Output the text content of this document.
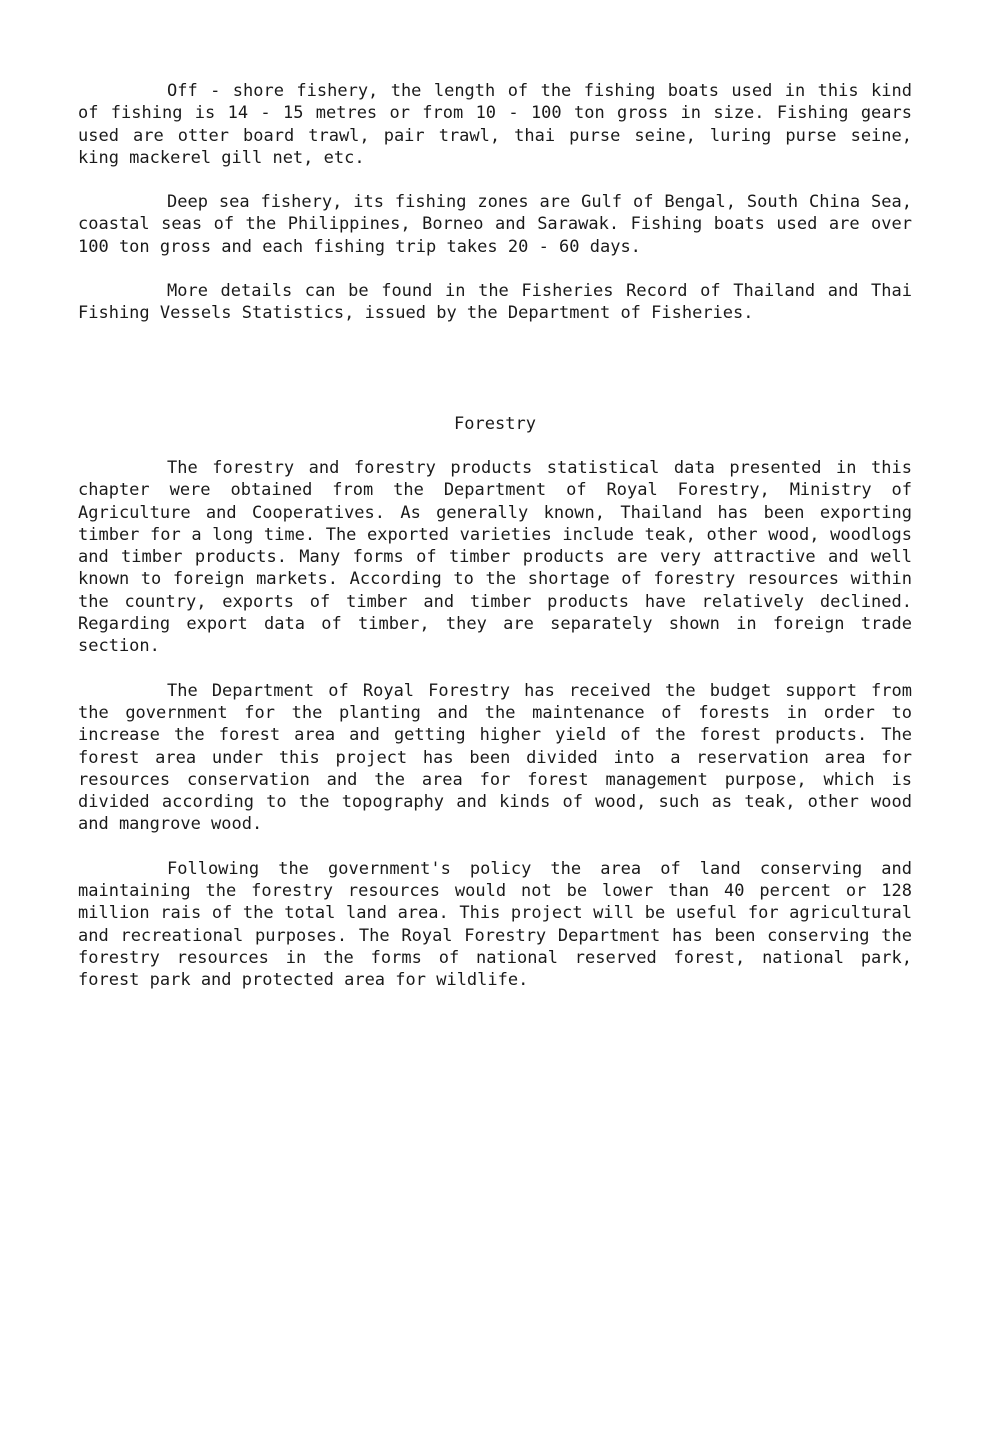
Off - shore fishery, the length of the fishing boats used in this kind of fishing is 14 - 15 metres or from 10 - 100 ton gross in size. Fishing gears used are otter board trawl, pair trawl, thai purse seine, luring purse seine, king mackerel gill net, etc.

Deep sea fishery, its fishing zones are Gulf of Bengal, South China Sea, coastal seas of the Philippines, Borneo and Sarawak. Fishing boats used are over 100 ton gross and each fishing trip takes 20 - 60 days.

More details can be found in the Fisheries Record of Thailand and Thai Fishing Vessels Statistics, issued by the Department of Fisheries.

Forestry

The forestry and forestry products statistical data presented in this chapter were obtained from the Department of Royal Forestry, Ministry of Agriculture and Cooperatives. As generally known, Thailand has been exporting timber for a long time. The exported varieties include teak, other wood, woodlogs and timber products. Many forms of timber products are very attractive and well known to foreign markets. According to the shortage of forestry resources within the country, exports of timber and timber products have relatively declined. Regarding export data of timber, they are separately shown in foreign trade section.

The Department of Royal Forestry has received the budget support from the government for the planting and the maintenance of forests in order to increase the forest area and getting higher yield of the forest products. The forest area under this project has been divided into a reservation area for resources conservation and the area for forest management purpose, which is divided according to the topography and kinds of wood, such as teak, other wood and mangrove wood.

Following the government's policy the area of land conserving and maintaining the forestry resources would not be lower than 40 percent or 128 million rais of the total land area. This project will be useful for agricultural and recreational purposes. The Royal Forestry Department has been conserving the forestry resources in the forms of national reserved forest, national park, forest park and protected area for wildlife.
